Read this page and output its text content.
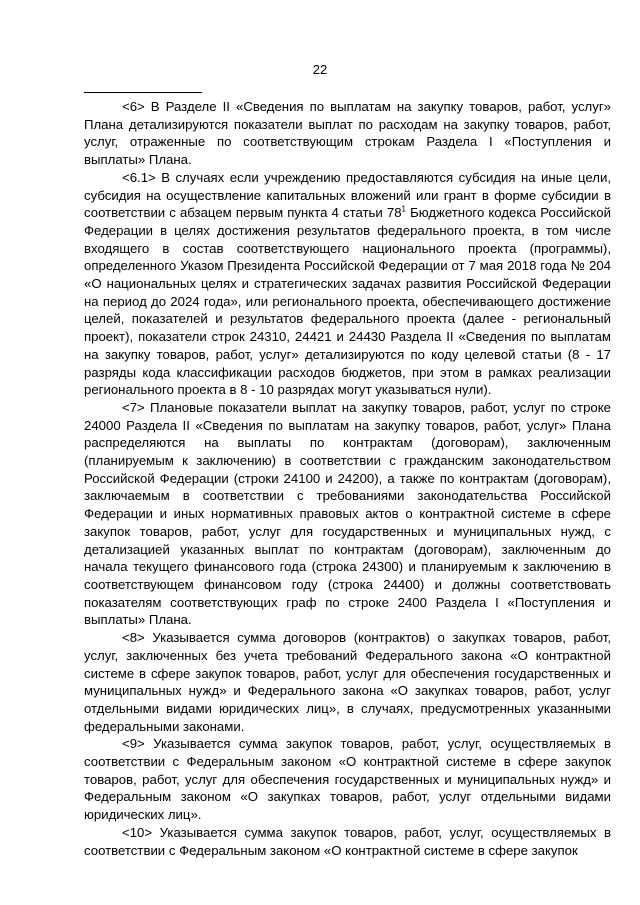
22

<6> В Разделе II «Сведения по выплатам на закупку товаров, работ, услуг» Плана детализируются показатели выплат по расходам на закупку товаров, работ, услуг, отраженные по соответствующим строкам Раздела I «Поступления и выплаты» Плана.

<6.1> В случаях если учреждению предоставляются субсидия на иные цели, субсидия на осуществление капитальных вложений или грант в форме субсидии в соответствии с абзацем первым пункта 4 статьи $78^1$ Бюджетного кодекса Российской Федерации в целях достижения результатов федерального проекта, в том числе входящего в состав соответствующего национального проекта (программы), определенного Указом Президента Российской Федерации от 7 мая 2018 года № 204 «О национальных целях и стратегических задачах развития Российской Федерации на период до 2024 года», или регионального проекта, обеспечивающего достижение целей, показателей и результатов федерального проекта (далее - региональный проект), показатели строк 24310, 24421 и 24430 Раздела II «Сведения по выплатам на закупку товаров, работ, услуг» детализируются по коду целевой статьи (8 - 17 разряды кода классификации расходов бюджетов, при этом в рамках реализации регионального проекта в 8 - 10 разрядах могут указываться нули).

<7> Плановые показатели выплат на закупку товаров, работ, услуг по строке 24000 Раздела II «Сведения по выплатам на закупку товаров, работ, услуг» Плана распределяются на выплаты по контрактам (договорам), заключенным (планируемым к заключению) в соответствии с гражданским законодательством Российской Федерации (строки 24100 и 24200), а также по контрактам (договорам), заключаемым в соответствии с требованиями законодательства Российской Федерации и иных нормативных правовых актов о контрактной системе в сфере закупок товаров, работ, услуг для государственных и муниципальных нужд, с детализацией указанных выплат по контрактам (договорам), заключенным до начала текущего финансового года (строка 24300) и планируемым к заключению в соответствующем финансовом году (строка 24400) и должны соответствовать показателям соответствующих граф по строке 2400 Раздела I «Поступления и выплаты» Плана.

<8> Указывается сумма договоров (контрактов) о закупках товаров, работ, услуг, заключенных без учета требований Федерального закона «О контрактной системе в сфере закупок товаров, работ, услуг для обеспечения государственных и муниципальных нужд» и Федерального закона «О закупках товаров, работ, услуг отдельными видами юридических лиц», в случаях, предусмотренных указанными федеральными законами.

<9> Указывается сумма закупок товаров, работ, услуг, осуществляемых в соответствии с Федеральным законом «О контрактной системе в сфере закупок товаров, работ, услуг для обеспечения государственных и муниципальных нужд» и Федеральным законом «О закупках товаров, работ, услуг отдельными видами юридических лиц».

<10> Указывается сумма закупок товаров, работ, услуг, осуществляемых в соответствии с Федеральным законом «О контрактной системе в сфере закупок
